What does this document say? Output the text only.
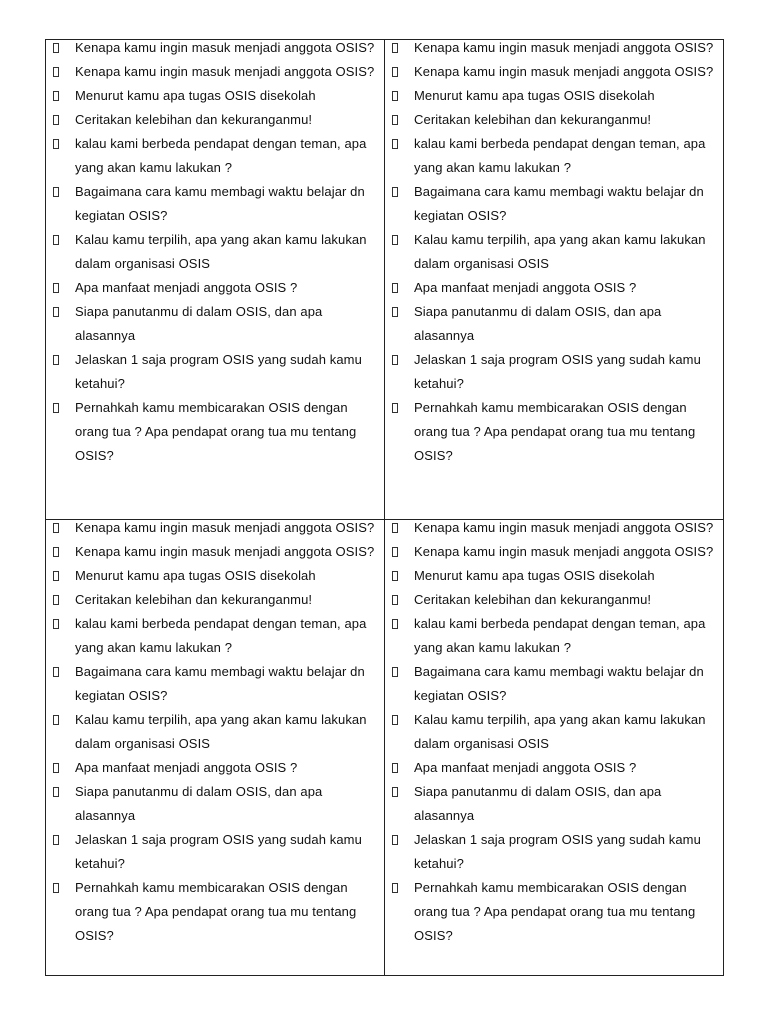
Kenapa kamu ingin masuk menjadi anggota OSIS?
Kenapa kamu ingin masuk menjadi anggota OSIS?
Menurut kamu apa tugas OSIS disekolah
Ceritakan kelebihan dan kekuranganmu!
kalau kami berbeda pendapat dengan teman, apa yang akan kamu lakukan ?
Bagaimana cara kamu membagi waktu belajar dn kegiatan OSIS?
Kalau kamu terpilih, apa yang akan kamu lakukan dalam organisasi OSIS
Apa manfaat menjadi anggota OSIS ?
Siapa panutanmu di dalam OSIS, dan apa alasannya
Jelaskan 1 saja program OSIS yang sudah kamu ketahui?
Pernahkah kamu membicarakan OSIS dengan orang tua ? Apa pendapat orang tua mu tentang OSIS?
Kenapa kamu ingin masuk menjadi anggota OSIS?
Kenapa kamu ingin masuk menjadi anggota OSIS?
Menurut kamu apa tugas OSIS disekolah
Ceritakan kelebihan dan kekuranganmu!
kalau kami berbeda pendapat dengan teman, apa yang akan kamu lakukan ?
Bagaimana cara kamu membagi waktu belajar dn kegiatan OSIS?
Kalau kamu terpilih, apa yang akan kamu lakukan dalam organisasi OSIS
Apa manfaat menjadi anggota OSIS ?
Siapa panutanmu di dalam OSIS, dan apa alasannya
Jelaskan 1 saja program OSIS yang sudah kamu ketahui?
Pernahkah kamu membicarakan OSIS dengan orang tua ? Apa pendapat orang tua mu tentang OSIS?
Kenapa kamu ingin masuk menjadi anggota OSIS?
Kenapa kamu ingin masuk menjadi anggota OSIS?
Menurut kamu apa tugas OSIS disekolah
Ceritakan kelebihan dan kekuranganmu!
kalau kami berbeda pendapat dengan teman, apa yang akan kamu lakukan ?
Bagaimana cara kamu membagi waktu belajar dn kegiatan OSIS?
Kalau kamu terpilih, apa yang akan kamu lakukan dalam organisasi OSIS
Apa manfaat menjadi anggota OSIS ?
Siapa panutanmu di dalam OSIS, dan apa alasannya
Jelaskan 1 saja program OSIS yang sudah kamu ketahui?
Pernahkah kamu membicarakan OSIS dengan orang tua ? Apa pendapat orang tua mu tentang OSIS?
Kenapa kamu ingin masuk menjadi anggota OSIS?
Kenapa kamu ingin masuk menjadi anggota OSIS?
Menurut kamu apa tugas OSIS disekolah
Ceritakan kelebihan dan kekuranganmu!
kalau kami berbeda pendapat dengan teman, apa yang akan kamu lakukan ?
Bagaimana cara kamu membagi waktu belajar dn kegiatan OSIS?
Kalau kamu terpilih, apa yang akan kamu lakukan dalam organisasi OSIS
Apa manfaat menjadi anggota OSIS ?
Siapa panutanmu di dalam OSIS, dan apa alasannya
Jelaskan 1 saja program OSIS yang sudah kamu ketahui?
Pernahkah kamu membicarakan OSIS dengan orang tua ? Apa pendapat orang tua mu tentang OSIS?
